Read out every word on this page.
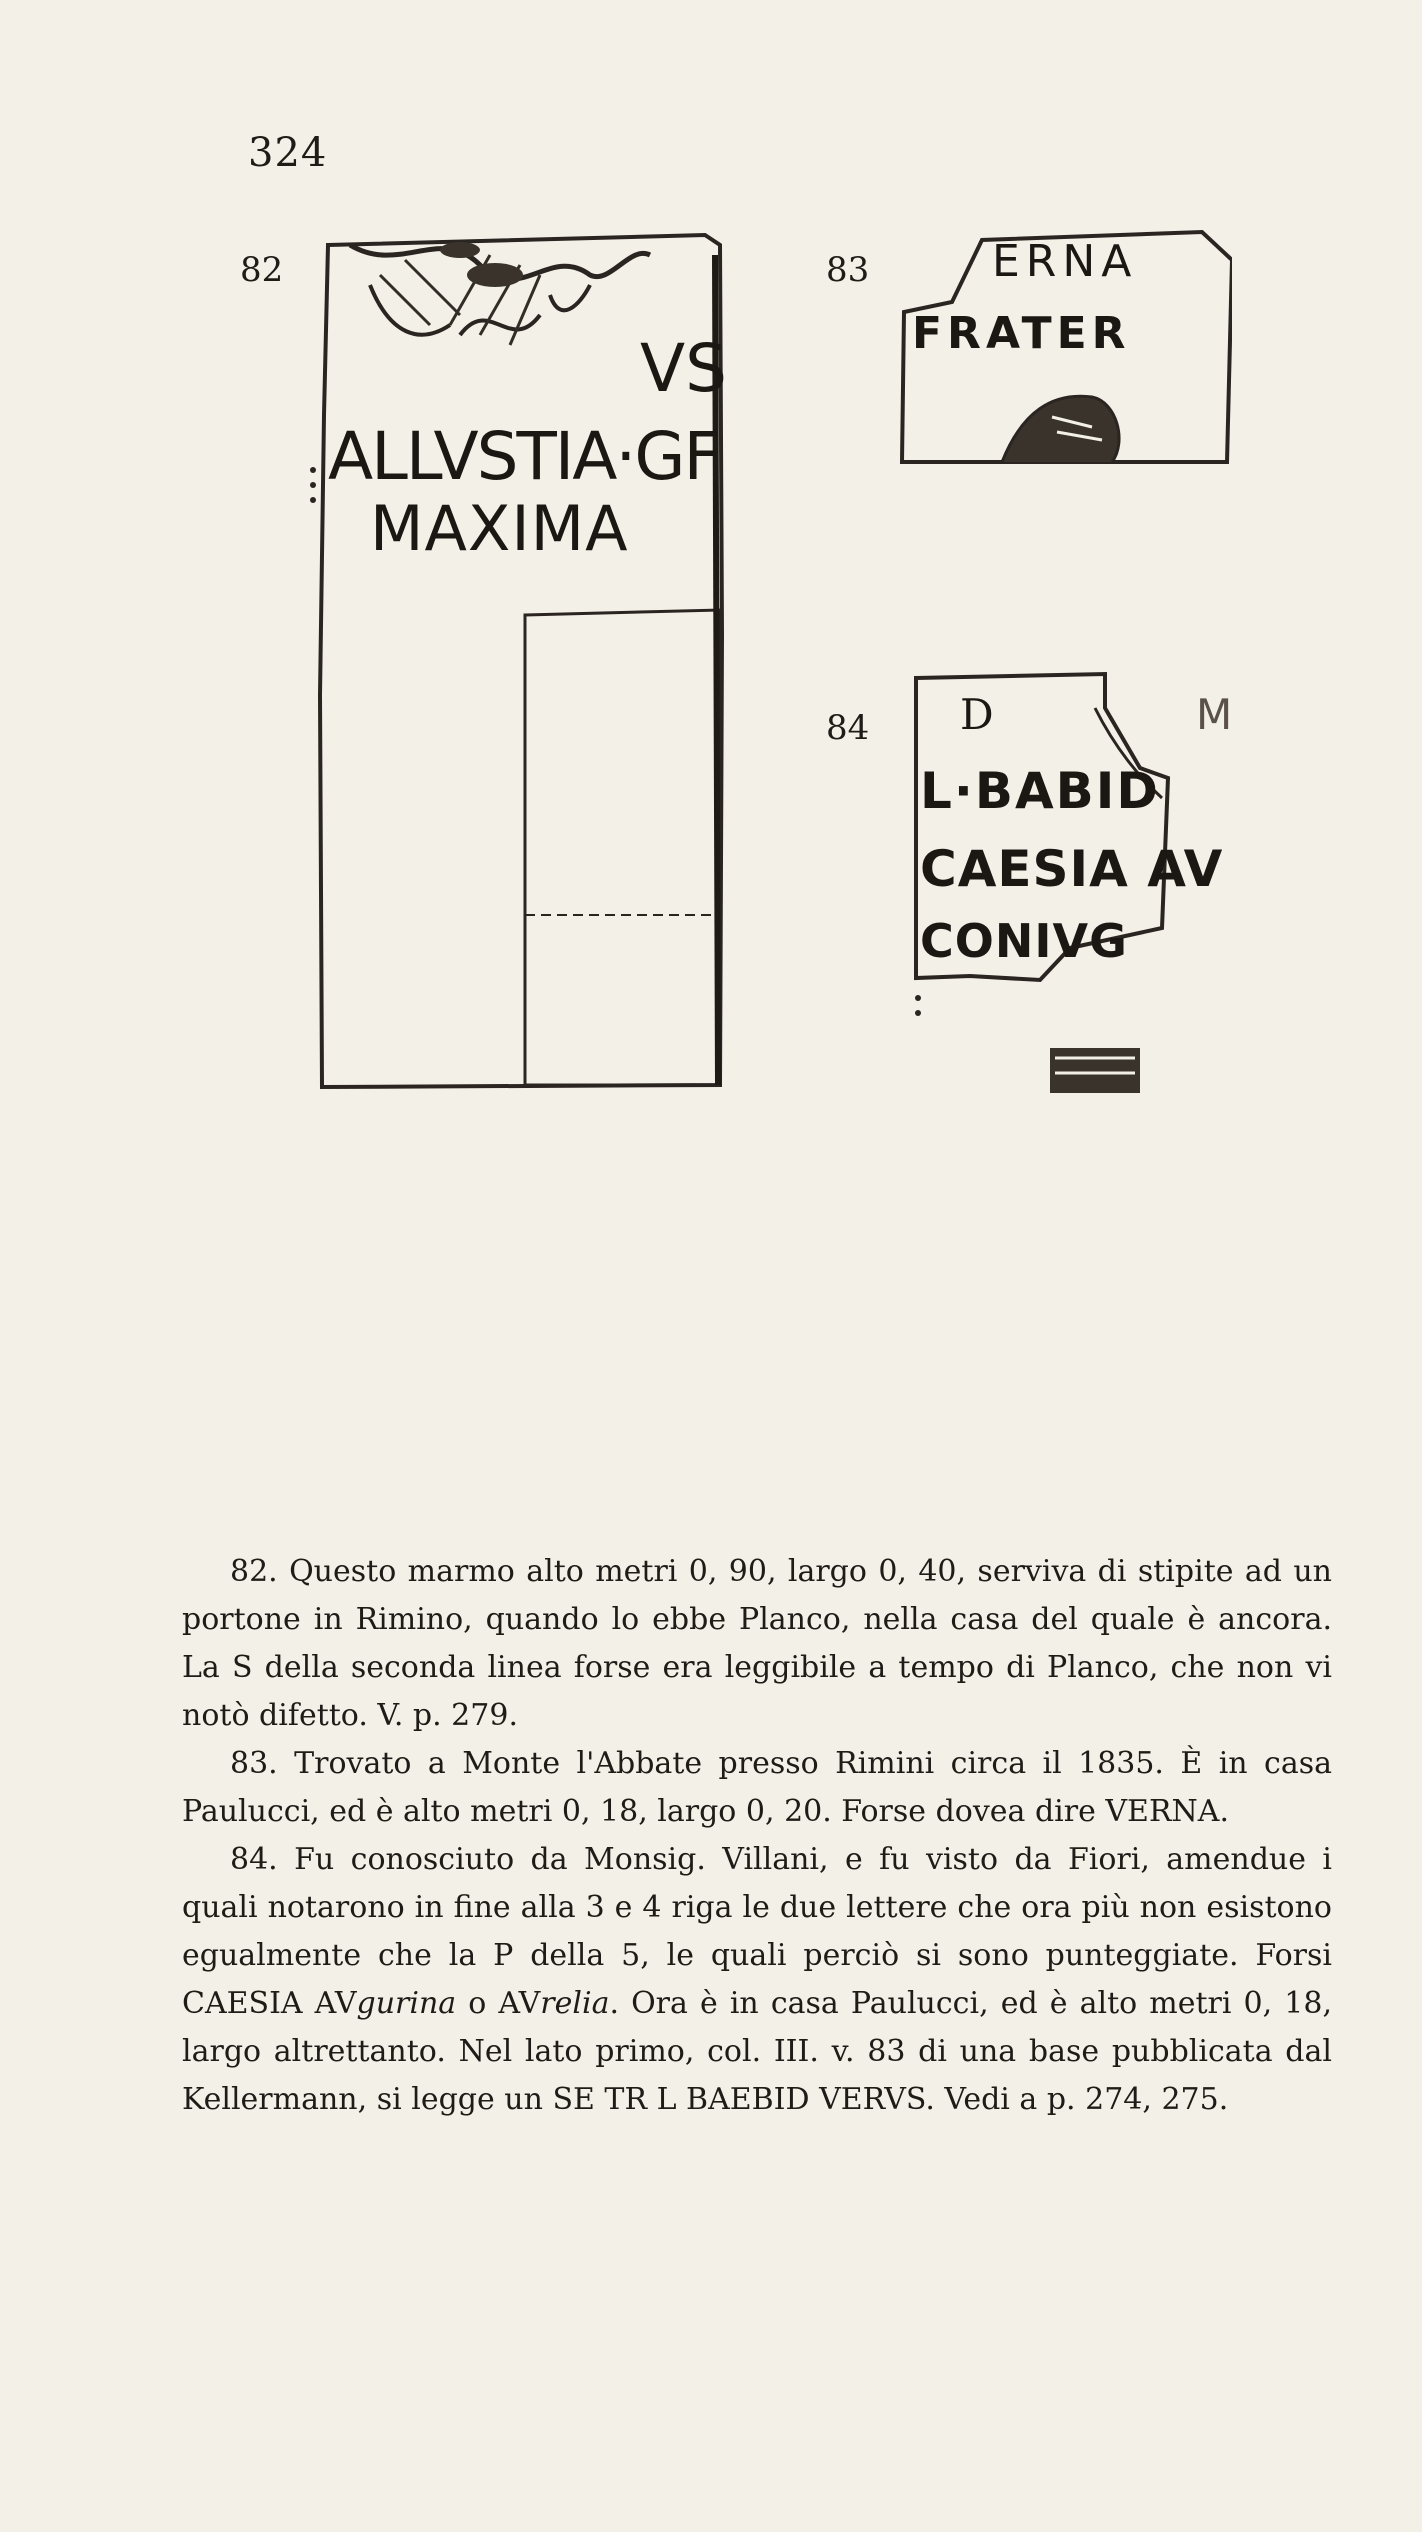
324
82
VS
ALLVSTIA·GF
MAXIMA
83	ERNA
FRATER
84 D	M
L·BABID
CAESIA AV
CONIVG

82. Questo marmo alto metri 0, 90, largo 0, 40, serviva di stipite ad un portone in Rimino, quando lo ebbe Planco, nella casa del quale è ancora. La S della seconda linea forse era leggibile a tempo di Planco, che non vi notò difetto. V. p. 279.

83. Trovato a Monte l'Abbate presso Rimini circa il 1835. È in casa Paulucci, ed è alto metri 0, 18, largo 0, 20. Forse dovea dire VERNA.

84. Fu conosciuto da Monsig. Villani, e fu visto da Fiori, amendue i quali notarono in fine alla 3 e 4 riga le due lettere che ora più non esistono egualmente che la P della 5, le quali perciò si sono punteggiate. Forsi CAESIA AVgurina o AVrelia. Ora è in casa Paulucci, ed è alto metri 0, 18, largo altrettanto. Nel lato primo, col. III. v. 83 di una base pubblicata dal Kellermann, si legge un SE TR L BAEBID VERVS. Vedi a p. 274, 275.
